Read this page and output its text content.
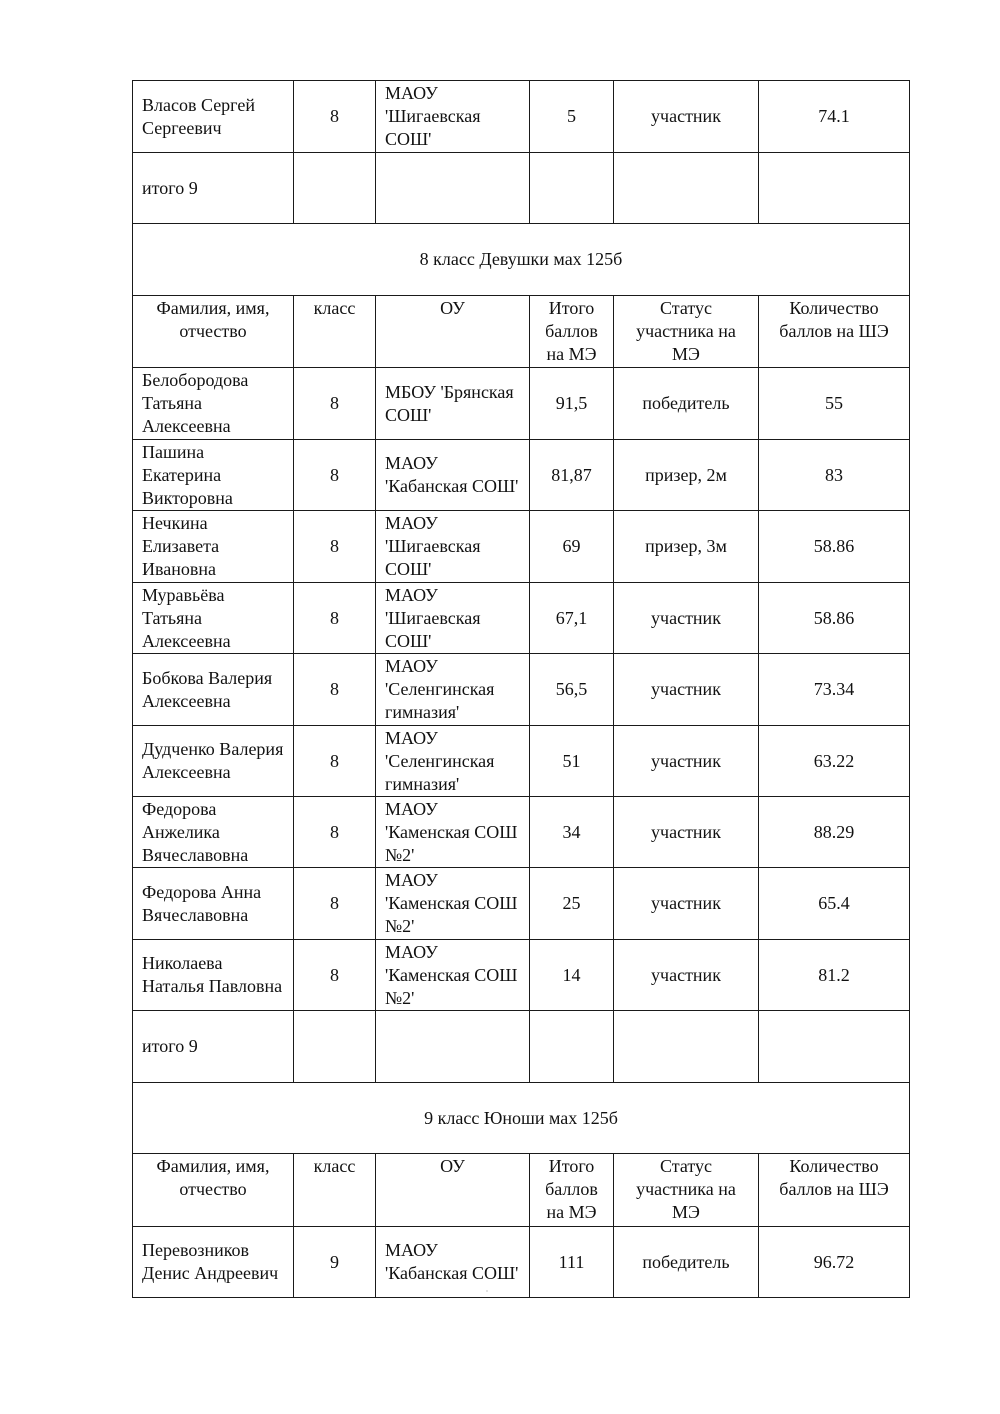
Власов Сергей Сергеевич	8	МАОУ 'Шигаевская СОШ'	5	участник	74.1
итого 9					
8 класс Девушки мах 125б					
Фамилия, имя, отчество	класс	ОУ	Итого баллов на МЭ	Статус участника на МЭ	Количество баллов на ШЭ
Белобородова Татьяна Алексеевна	8	МБОУ 'Брянская СОШ'	91,5	победитель	55
Пашина Екатерина Викторовна	8	МАОУ 'Кабанская СОШ'	81,87	призер, 2м	83
Нечкина Елизавета Ивановна	8	МАОУ 'Шигаевская СОШ'	69	призер, 3м	58.86
Муравьёва Татьяна Алексеевна	8	МАОУ 'Шигаевская СОШ'	67,1	участник	58.86
Бобкова Валерия Алексеевна	8	МАОУ 'Селенгинская гимназия'	56,5	участник	73.34
Дудченко Валерия Алексеевна	8	МАОУ 'Селенгинская гимназия'	51	участник	63.22
Федорова Анжелика Вячеславовна	8	МАОУ 'Каменская СОШ №2'	34	участник	88.29
Федорова Анна Вячеславовна	8	МАОУ 'Каменская СОШ №2'	25	участник	65.4
Николаева Наталья Павловна	8	МАОУ 'Каменская СОШ №2'	14	участник	81.2
итого 9					
9 класс Юноши мах 125б					
Фамилия, имя, отчество	класс	ОУ	Итого баллов на МЭ	Статус участника на МЭ	Количество баллов на ШЭ
Перевозников Денис Андреевич	9	МАОУ 'Кабанская СОШ'	111	победитель	96.72
